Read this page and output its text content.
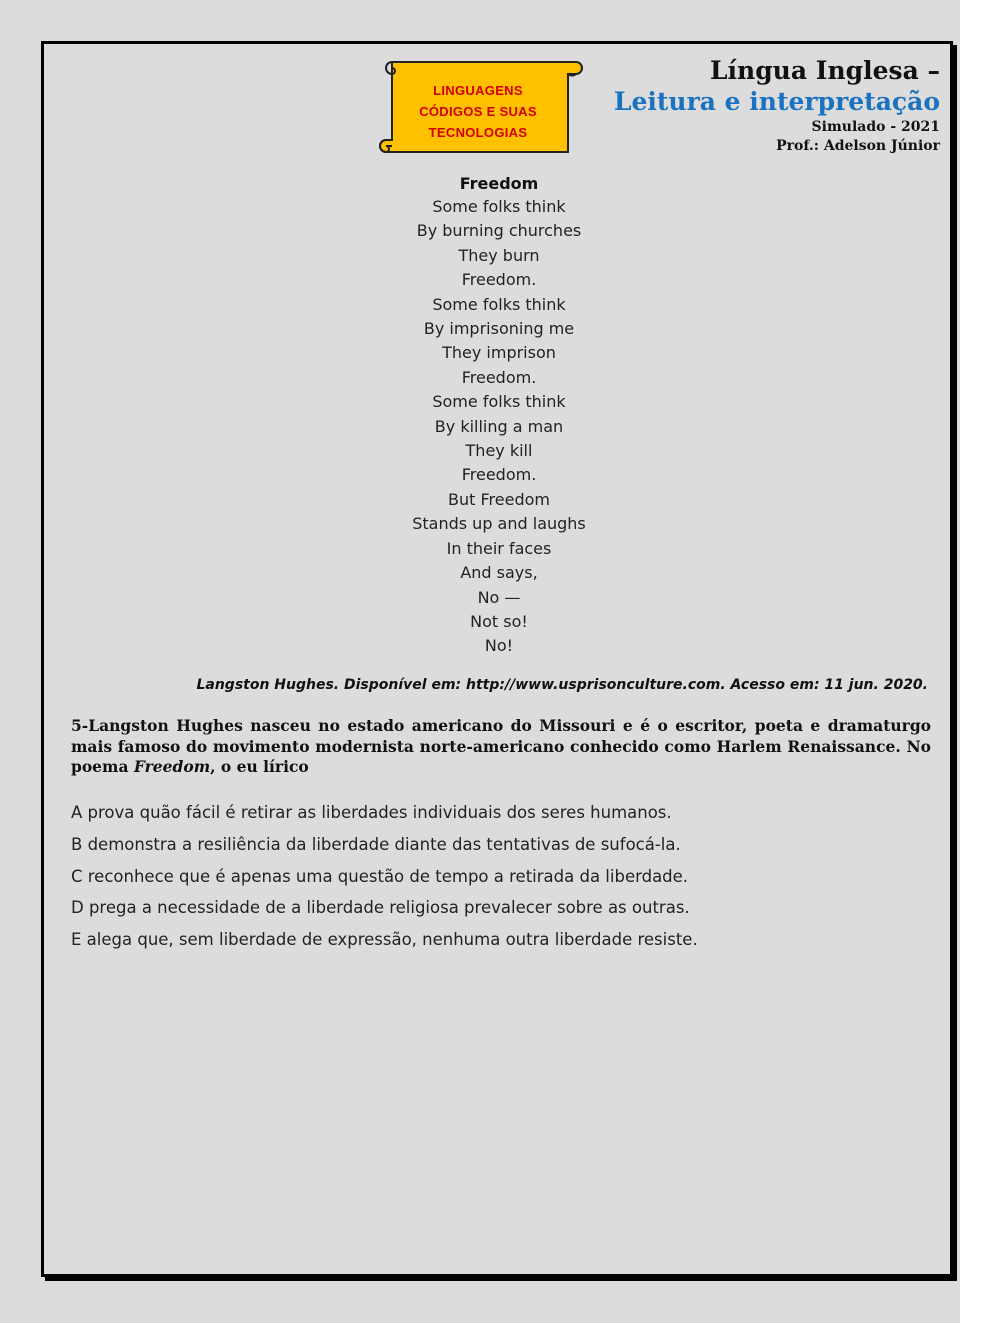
LINGUAGENS
CÓDIGOS E SUAS
TECNOLOGIAS
Língua Inglesa –
Leitura e interpretação
Simulado - 2021
Prof.: Adelson Júnior
Freedom
Some folks think
By burning churches
They burn
Freedom.
Some folks think
By imprisoning me
They imprison
Freedom.
Some folks think
By killing a man
They kill
Freedom.
But Freedom
Stands up and laughs
In their faces
And says,
No —
Not so!
No!
Langston Hughes. Disponível em: http://www.usprisonculture.com. Acesso em: 11 jun. 2020.
5-Langston Hughes nasceu no estado americano do Missouri e é o escritor, poeta e dramaturgo mais famoso do movimento modernista norte-americano conhecido como Harlem Renaissance. No poema Freedom, o eu lírico
A prova quão fácil é retirar as liberdades individuais dos seres humanos.
B demonstra a resiliência da liberdade diante das tentativas de sufocá-la.
C reconhece que é apenas uma questão de tempo a retirada da liberdade.
D prega a necessidade de a liberdade religiosa prevalecer sobre as outras.
E alega que, sem liberdade de expressão, nenhuma outra liberdade resiste.
